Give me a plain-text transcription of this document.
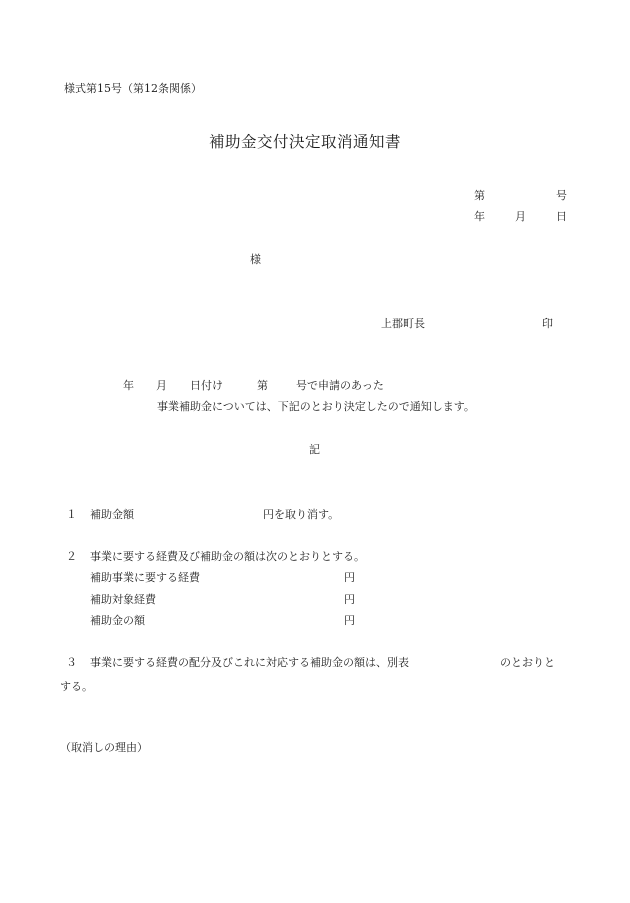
様式第15号（第12条関係）
補助金交付決定取消通知書
第	号
年	月	日
様
上郡町長	印
年 月 日付け	第	号で申請のあった
事業補助金については、下記のとおり決定したので通知します。
記
１ 補助金額	円を取り消す。
２ 事業に要する経費及び補助金の額は次のとおりとする。
補助事業に要する経費	円
補助対象経費	円
補助金の額	円
３ 事業に要する経費の配分及びこれに対応する補助金の額は、別表	のとおりと
する。
（取消しの理由）
